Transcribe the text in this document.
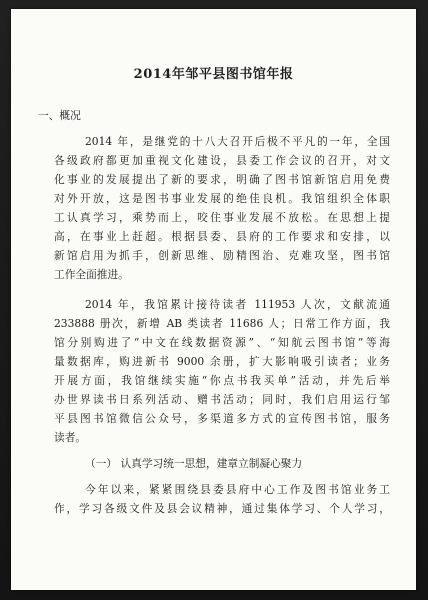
2014年邹平县图书馆年报
一、概况
2014 年，是继党的十八大召开后极不平凡的一年，全国
各级政府都更加重视文化建设，县委工作会议的召开，对文
化事业的发展提出了新的要求，明确了图书馆新馆启用免费
对外开放，这是图书事业发展的绝佳良机。我馆组织全体职
工认真学习，乘势而上，咬住事业发展不放松。在思想上提
高，在事业上赶超。根据县委、县府的工作要求和安排，以
新馆启用为抓手，创新思维、励精图治、克难攻坚，图书馆
工作全面推进。
2014 年，我馆累计接待读者 111953 人次，文献流通
233888 册次，新增 AB 类读者 11686 人；日常工作方面，我
馆分别购进了“中文在线数据资源”、“知航云图书馆”等海
量数据库，购进新书 9000 余册，扩大影响吸引读者；业务
开展方面，我馆继续实施“你点书我买单”活动，并先后举
办世界读书日系列活动、赠书活动；同时，我们启用运行邹
平县图书馆微信公众号，多渠道多方式的宣传图书馆，服务
读者。
（一） 认真学习统一思想，建章立制凝心聚力
今年以来，紧紧围绕县委县府中心工作及图书馆业务工
作，学习各级文件及县会议精神，通过集体学习、个人学习，
